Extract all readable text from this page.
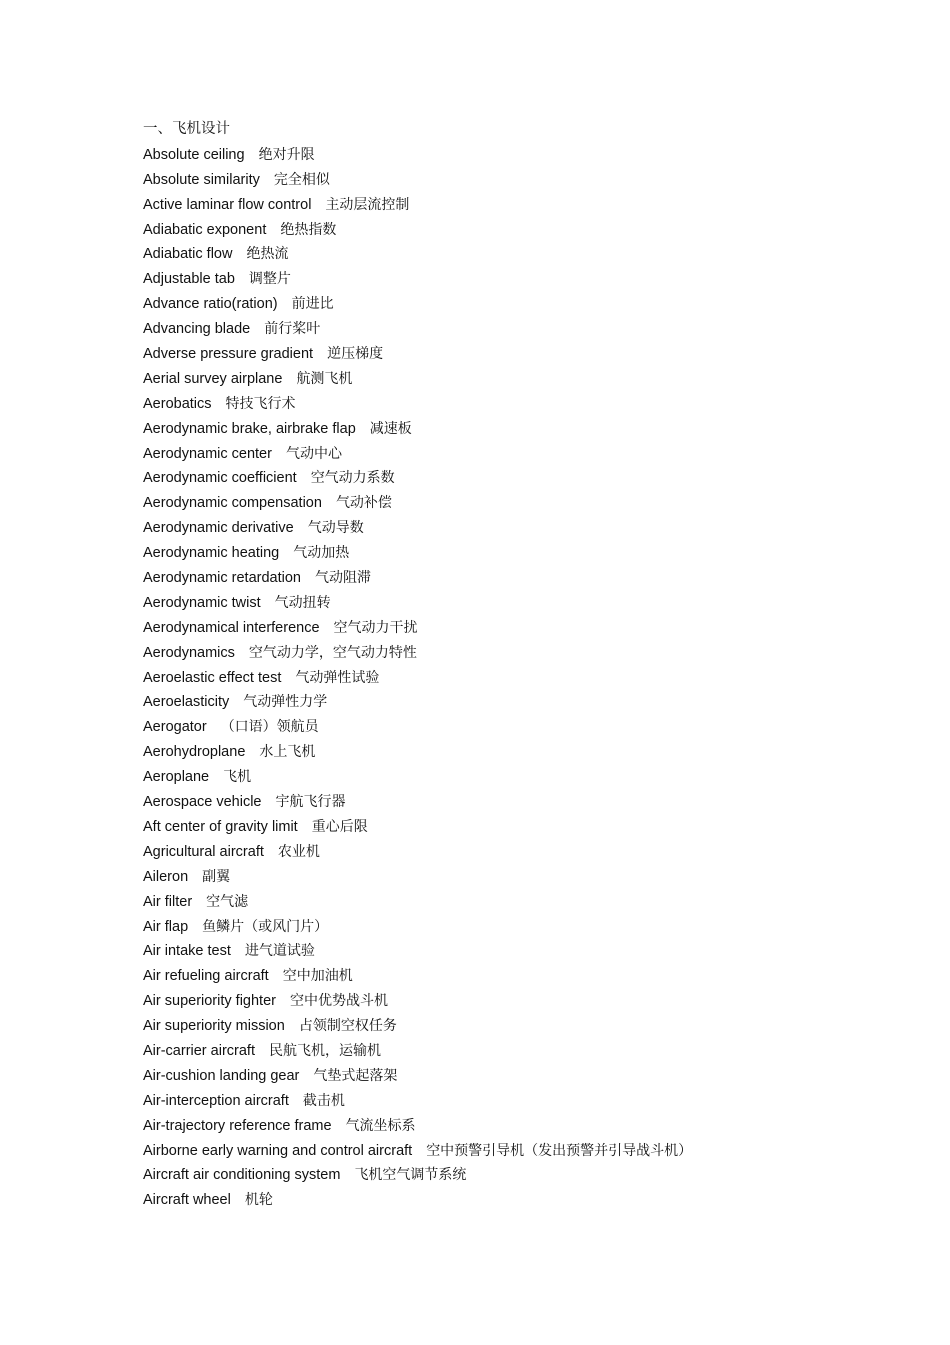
一、飞机设计
Absolute ceiling 绝对升限
Absolute similarity 完全相似
Active laminar flow control 主动层流控制
Adiabatic exponent 绝热指数
Adiabatic flow 绝热流
Adjustable tab 调整片
Advance ratio(ration) 前进比
Advancing blade 前行桨叶
Adverse pressure gradient 逆压梯度
Aerial survey airplane 航测飞机
Aerobatics 特技飞行术
Aerodynamic brake, airbrake flap 减速板
Aerodynamic center 气动中心
Aerodynamic coefficient 空气动力系数
Aerodynamic compensation 气动补偿
Aerodynamic derivative 气动导数
Aerodynamic heating 气动加热
Aerodynamic retardation 气动阻滞
Aerodynamic twist 气动扭转
Aerodynamical interference 空气动力干扰
Aerodynamics 空气动力学，空气动力特性
Aeroelastic effect test 气动弹性试验
Aeroelasticity 气动弹性力学
Aerogator （口语）领航员
Aerohydroplane 水上飞机
Aeroplane 飞机
Aerospace vehicle 宇航飞行器
Aft center of gravity limit 重心后限
Agricultural aircraft 农业机
Aileron 副翼
Air filter 空气滤
Air flap 鱼鳞片（或风门片）
Air intake test 进气道试验
Air refueling aircraft 空中加油机
Air superiority fighter 空中优势战斗机
Air superiority mission 占领制空权任务
Air-carrier aircraft 民航飞机，运输机
Air-cushion landing gear 气垫式起落架
Air-interception aircraft 截击机
Air-trajectory reference frame 气流坐标系
Airborne early warning and control aircraft 空中预警引导机（发出预警并引导战斗机）
Aircraft air conditioning system 飞机空气调节系统
Aircraft wheel 机轮
